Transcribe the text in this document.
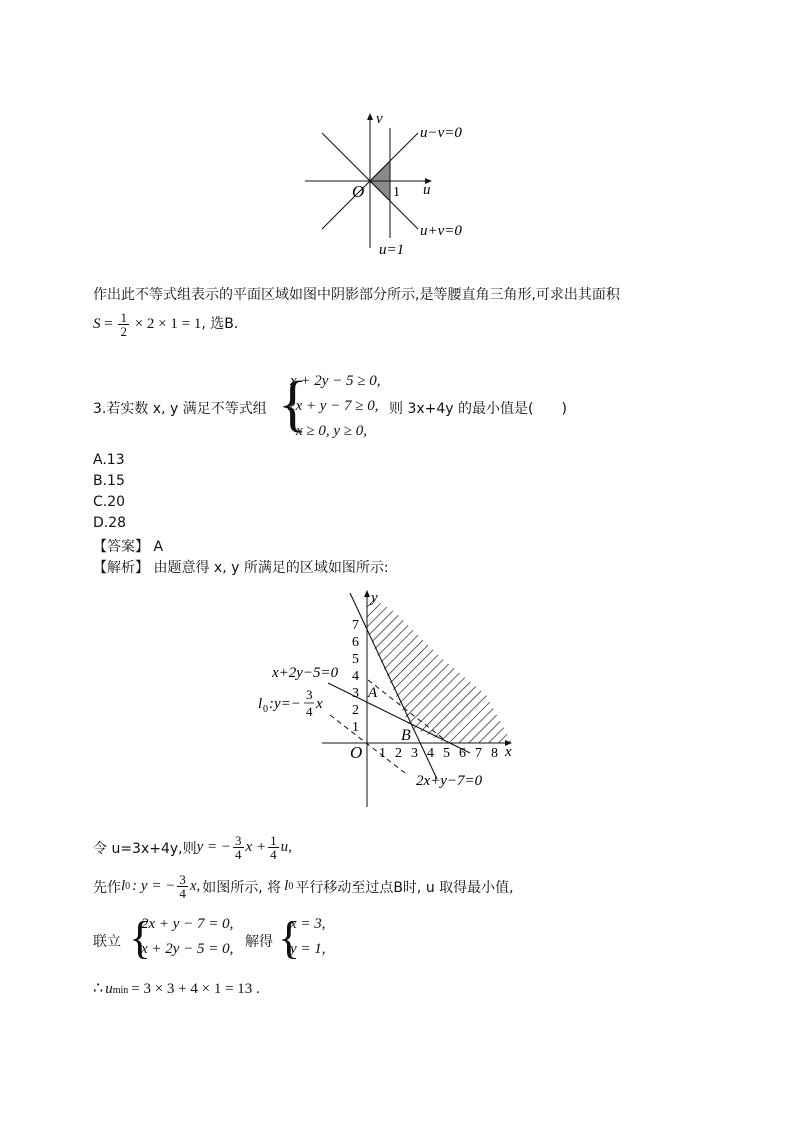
v
u
O 1
u−v=0
u+v=0
u=1
作出此不等式组表示的平面区域如图中阴影部分所示,是等腰直角三角形,可求出其面积
$S = \frac{1}{2} \times 2 \times 1 = 1$, 选B.
3.若实数 x, y 满足不等式组 {
x + 2y − 5 ≥ 0,
2x + y − 7 ≥ 0,
x ≥ 0, y ≥ 0,
则 3x+4y 的最小值是(　　)
A.13
B.15
C.20
D.28
【答案】 A
【解析】 由题意得 x, y 所满足的区域如图所示:
1 2 3 4 5 6 7 8
1
2
3
4
5
6
7
y
x
O
A
B
x+2y−5=0
l 0 :y=−
3
4 x
2x+y−7=0
令 u=3x+4y,则 y = − $\frac{3}{4}$ $x + \frac{1}{4} u$,
先作 l 0 : y = − $\frac{3}{4} x$, 如图所示, 将 l 0 平行移动至过点B时, u 取得最小值,
联立 {
2x + y − 7 = 0,
x + 2y − 5 = 0, 解得 {
x = 3,
y = 1,
∴ u min = 3 × 3 + 4 × 1 = 13 .
